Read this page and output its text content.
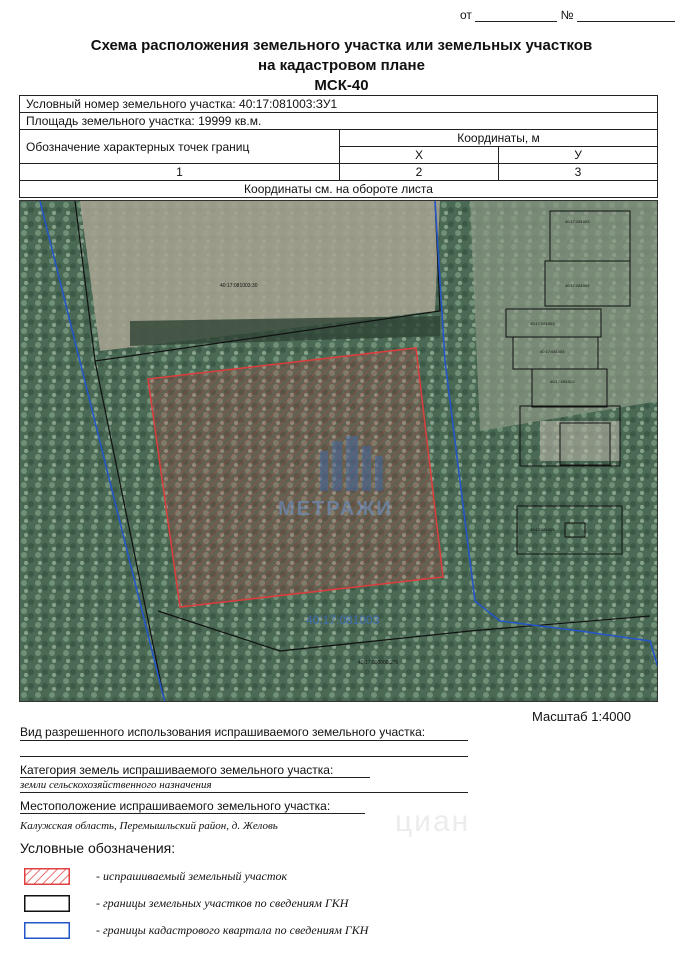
от	№
Схема расположения земельного участка или земельных участков
на кадастровом плане
МСК-40
Условный номер земельного участка: 40:17:081003:ЗУ1		
Площадь земельного участка: 19999 кв.м.		
Обозначение характерных точек границ	Координаты, м	
	X	У
1	2	3
Координаты см. на обороте листа		
МЕТРАЖИ
40:17:081003:30
40:17:000000:276
40:17:081003
40:17:081003
40:17:081003
40:17:081003
40:17:081003
40:17:081003
40:17:081003
Масштаб 1:4000
Вид разрешенного использования испрашиваемого земельного участка:
Категория земель испрашиваемого земельного участка:
земли сельскохозяйственного назначения
Местоположение испрашиваемого земельного участка:
Калужская область, Перемышльский район, д. Желовь	циан
Условные обозначения:
- испрашиваемый земельный участок
- границы земельных участков по сведениям ГКН
- границы кадастрового квартала по сведениям ГКН
